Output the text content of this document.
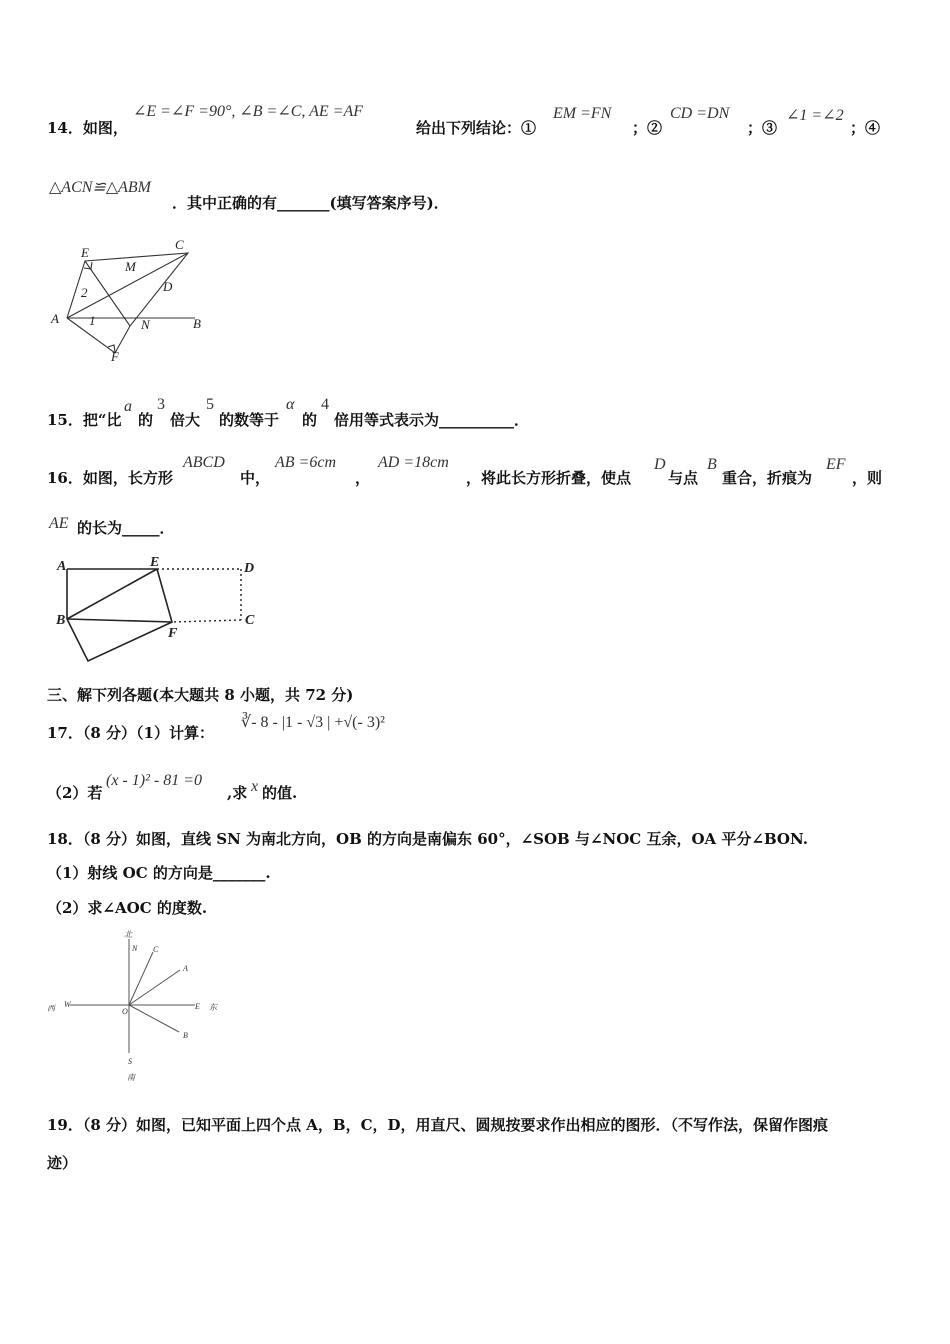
14．如图，
∠E =∠F =90°, ∠B =∠C, AE =AF
给出下列结论：①
EM =FN
；②
CD =DN
；③
∠1 =∠2
；④
△ACN≌△ABM
．其中正确的有_______(填写答案序号)．
E
C
M
D
2
A 1	N	B
F
15．把“比
a
的
3
倍大
5
的数等于
α
的
4
倍用等式表示为__________．
16．如图，长方形
ABCD
中，
AB =6cm
，
AD =18cm
，将此长方形折叠，使点
D
与点
B
重合，折痕为
EF
，则
AE 的长为_____．
A	E	D
B
F
C
三、解下列各题(本大题共 8 小题，共 72 分)
17．（8 分）（1）计算：
∛- 8 - |1 - √3 | +√(- 3)²
（2）若
(x - 1)² - 81 =0
,求 x 的值.
18．（8 分）如图，直线 SN 为南北方向，OB 的方向是南偏东 60°，∠SOB 与∠NOC 互余，OA 平分∠BON.
（1）射线 OC 的方向是_______.
（2）求∠AOC 的度数.
北
N C
A
西 W
O
E 东
B
S
南
19．（8 分）如图，已知平面上四个点 A，B，C，D，用直尺、圆规按要求作出相应的图形．（不写作法，保留作图痕
迹）
